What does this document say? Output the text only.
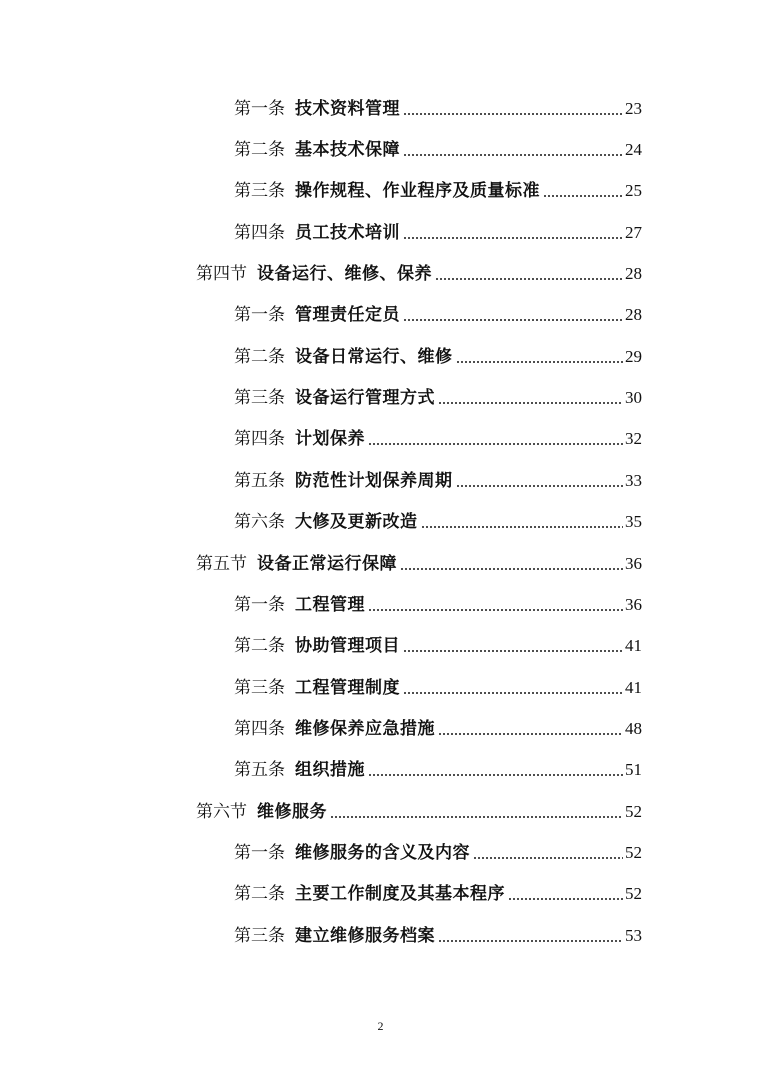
第一条 技术资料管理	23
第二条 基本技术保障	24
第三条 操作规程、作业程序及质量标准	25
第四条 员工技术培训	27
第四节 设备运行、维修、保养	28
第一条 管理责任定员	28
第二条 设备日常运行、维修	29
第三条 设备运行管理方式	30
第四条 计划保养	32
第五条 防范性计划保养周期	33
第六条 大修及更新改造	35
第五节 设备正常运行保障	36
第一条 工程管理	36
第二条 协助管理项目	41
第三条 工程管理制度	41
第四条 维修保养应急措施	48
第五条 组织措施	51
第六节 维修服务	52
第一条 维修服务的含义及内容	52
第二条 主要工作制度及其基本程序	52
第三条 建立维修服务档案	53
2
